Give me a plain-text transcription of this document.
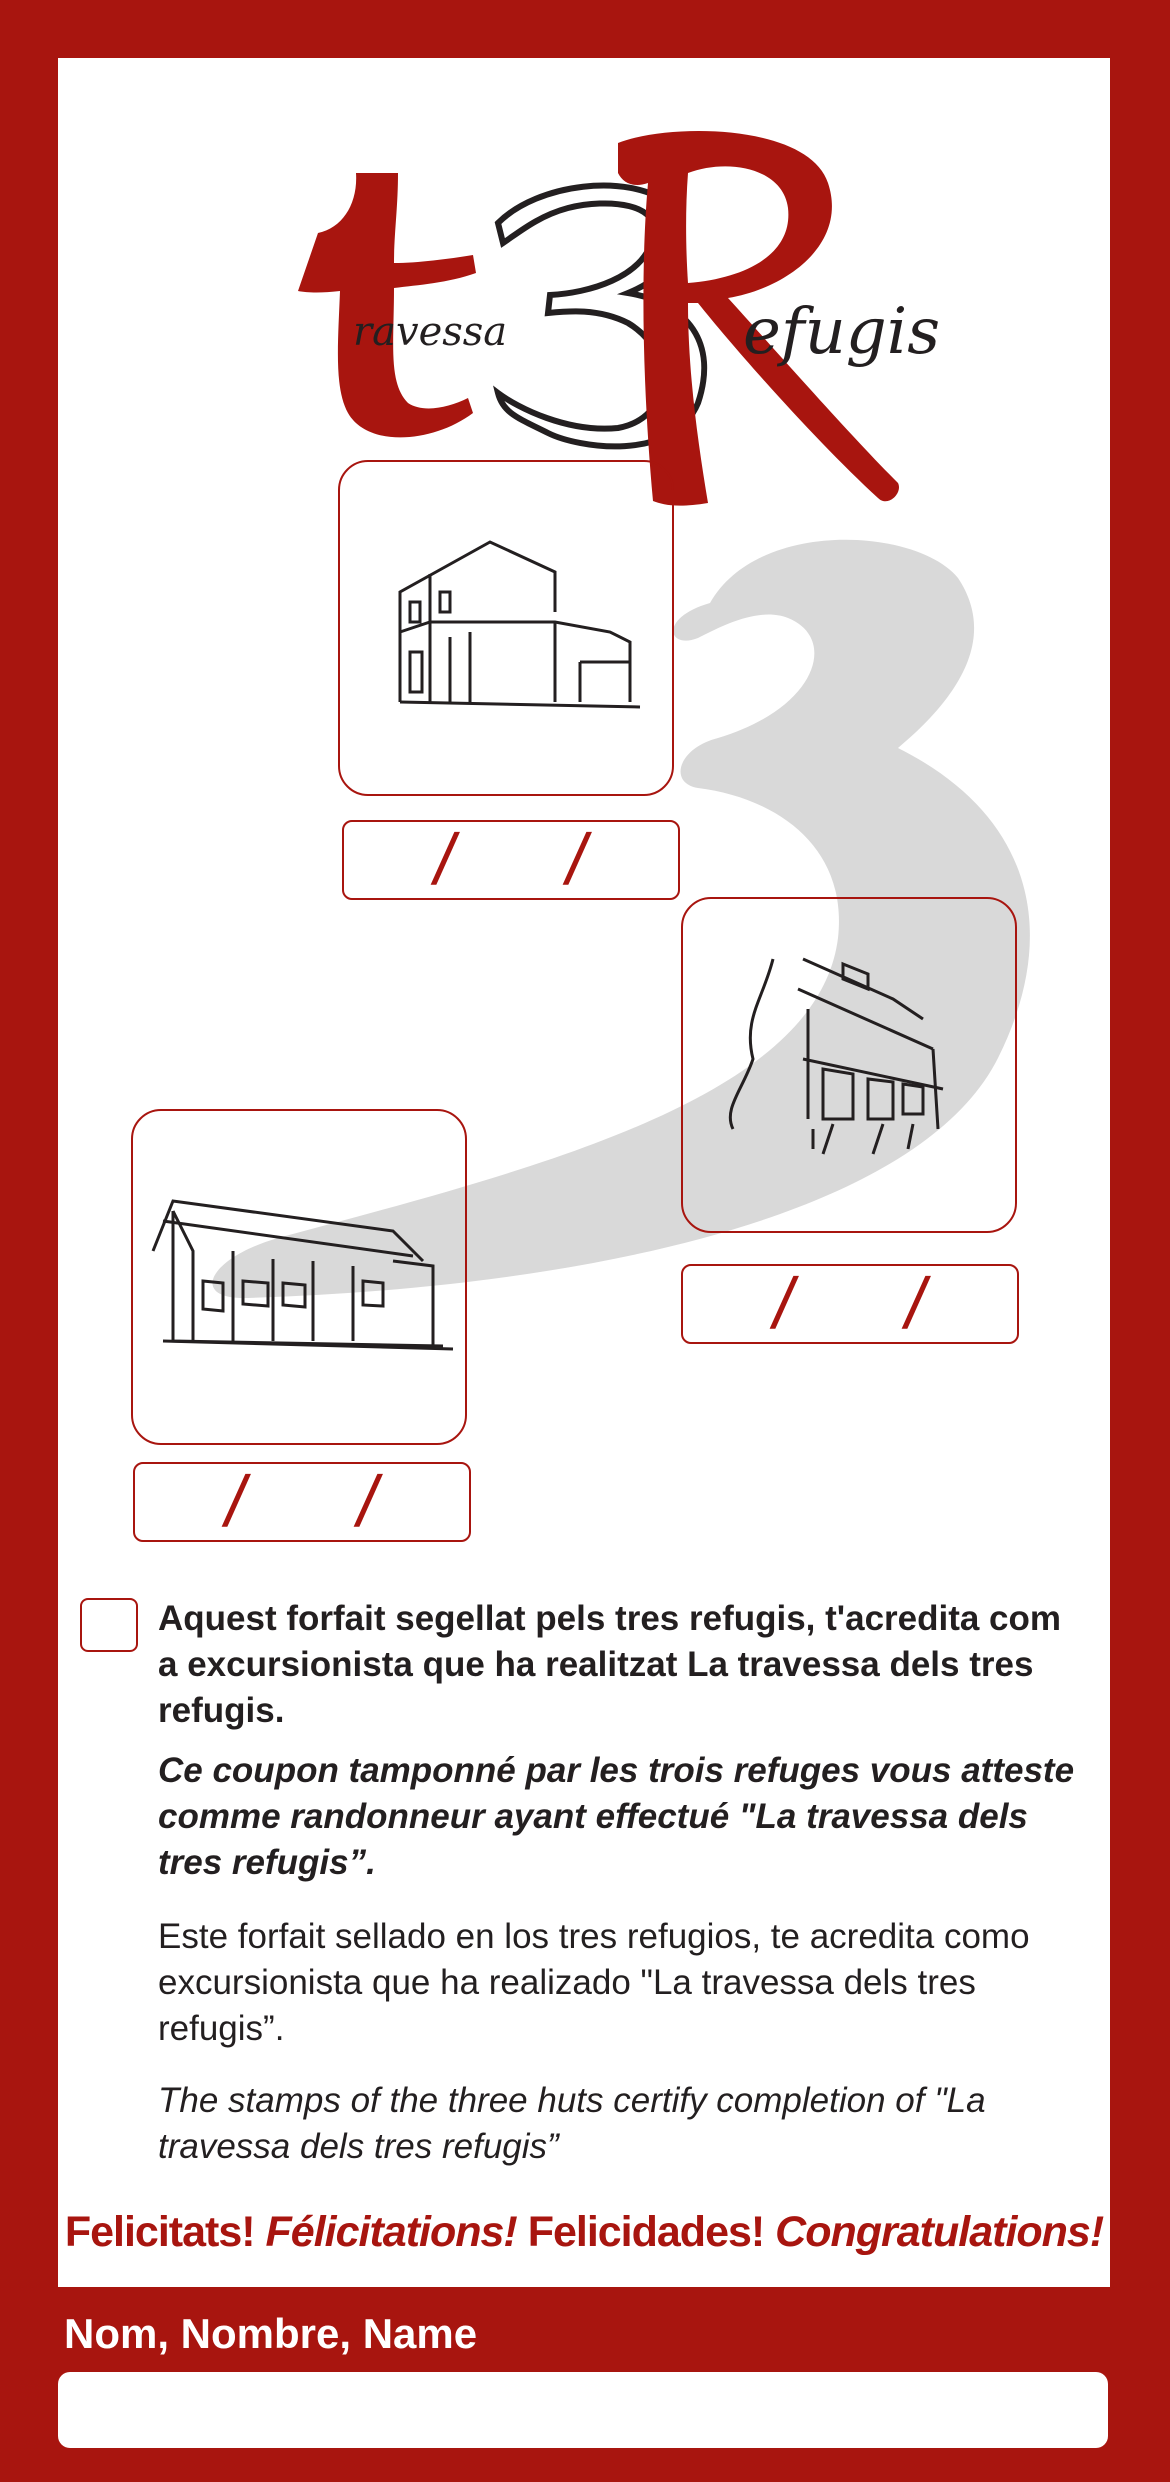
ravessa	efugis
/ /
/ /
/ /
Aquest forfait segellat pels tres refugis, t'acredita com a excursionista que ha realitzat La travessa dels tres refugis.
Ce coupon tamponné par les trois refuges vous atteste comme randonneur ayant effectué "La travessa dels tres refugis”.
Este forfait sellado en los tres refugios, te acredita como excursionista que ha realizado "La travessa dels tres refugis”.
The stamps of the three huts certify completion of "La travessa dels tres refugis”
Felicitats! Félicitations! Felicidades! Congratulations!
Nom, Nombre, Name
